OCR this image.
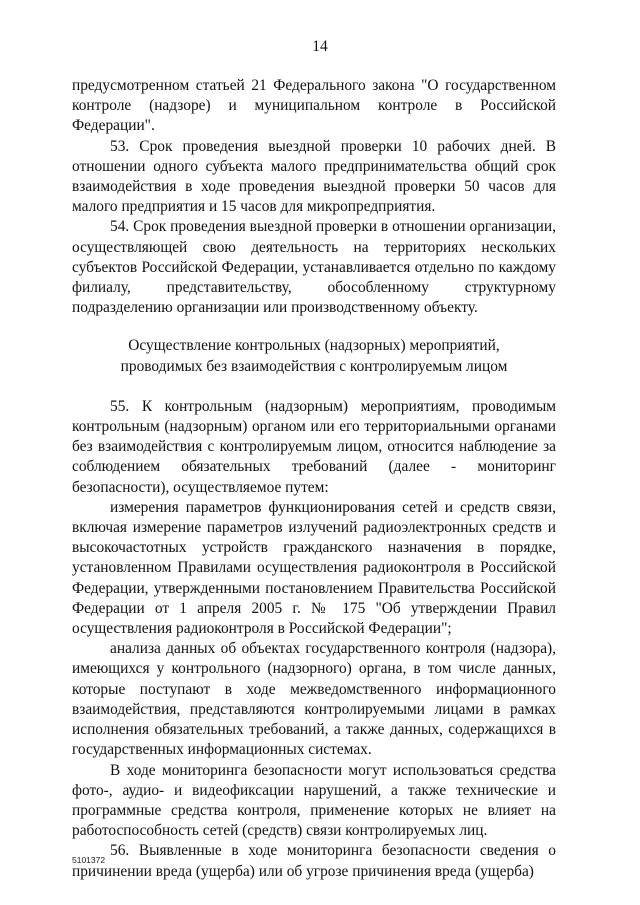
14

предусмотренном статьей 21 Федерального закона "О государственном контроле (надзоре) и муниципальном контроле в Российской Федерации".

53. Срок проведения выездной проверки 10 рабочих дней. В отношении одного субъекта малого предпринимательства общий срок взаимодействия в ходе проведения выездной проверки 50 часов для малого предприятия и 15 часов для микропредприятия.

54. Срок проведения выездной проверки в отношении организации, осуществляющей свою деятельность на территориях нескольких субъектов Российской Федерации, устанавливается отдельно по каждому филиалу, представительству, обособленному структурному подразделению организации или производственному объекту.

Осуществление контрольных (надзорных) мероприятий,
проводимых без взаимодействия с контролируемым лицом

55. К контрольным (надзорным) мероприятиям, проводимым контрольным (надзорным) органом или его территориальными органами без взаимодействия с контролируемым лицом, относится наблюдение за соблюдением обязательных требований (далее - мониторинг безопасности), осуществляемое путем:

измерения параметров функционирования сетей и средств связи, включая измерение параметров излучений радиоэлектронных средств и высокочастотных устройств гражданского назначения в порядке, установленном Правилами осуществления радиоконтроля в Российской Федерации, утвержденными постановлением Правительства Российской Федерации от 1 апреля 2005 г. № 175 "Об утверждении Правил осуществления радиоконтроля в Российской Федерации";

анализа данных об объектах государственного контроля (надзора), имеющихся у контрольного (надзорного) органа, в том числе данных, которые поступают в ходе межведомственного информационного взаимодействия, представляются контролируемыми лицами в рамках исполнения обязательных требований, а также данных, содержащихся в государственных информационных системах.

В ходе мониторинга безопасности могут использоваться средства фото-, аудио- и видеофиксации нарушений, а также технические и программные средства контроля, применение которых не влияет на работоспособность сетей (средств) связи контролируемых лиц.

56. Выявленные в ходе мониторинга безопасности сведения о причинении вреда (ущерба) или об угрозе причинения вреда (ущерба)

5101372
